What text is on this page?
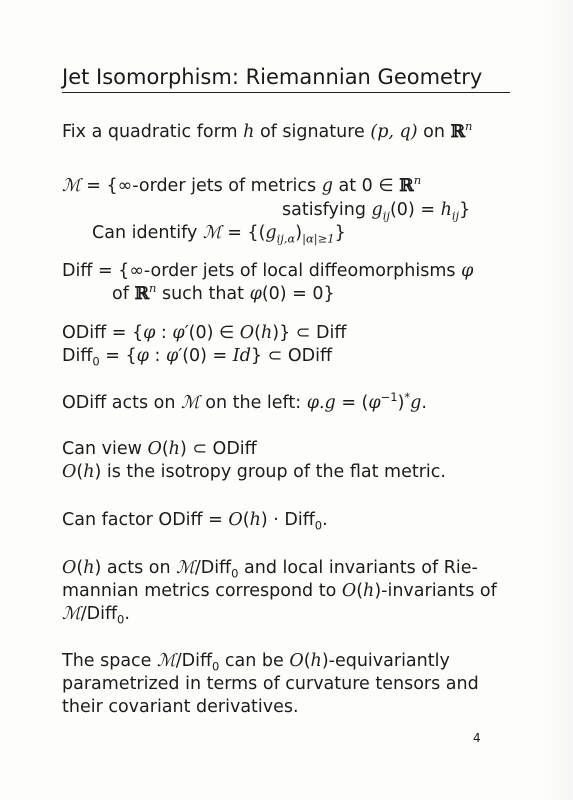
Jet Isomorphism: Riemannian Geometry
Fix a quadratic form h of signature (p, q) on ℝ$^n$
ℳ = {∞-order jets of metrics g at 0 ∈ ℝ$^n$
satisfying $g_{ij}(0) = h_{ij}$}
Can identify ℳ = $\{(g_{ij,\alpha})_{|\alpha|\ge 1}\}$
Diff = {∞-order jets of local diffeomorphisms φ
of ℝ$^n$ such that φ(0) = 0}
ODiff = {φ : φ′(0) ∈ O(h)} ⊂ Diff
Diff$_0$ = {φ : φ′(0) = Id} ⊂ ODiff
ODiff acts on ℳ on the left: $\varphi.g = (\varphi^{-1})^*g$.
Can view O(h) ⊂ ODiff
O(h) is the isotropy group of the flat metric.
Can factor ODiff = O(h) · Diff$_0$.
O(h) acts on ℳ/Diff$_0$ and local invariants of Rie-
mannian metrics correspond to O(h)-invariants of
ℳ/Diff$_0$.
The space ℳ/Diff$_0$ can be O(h)-equivariantly
parametrized in terms of curvature tensors and
their covariant derivatives.
4
